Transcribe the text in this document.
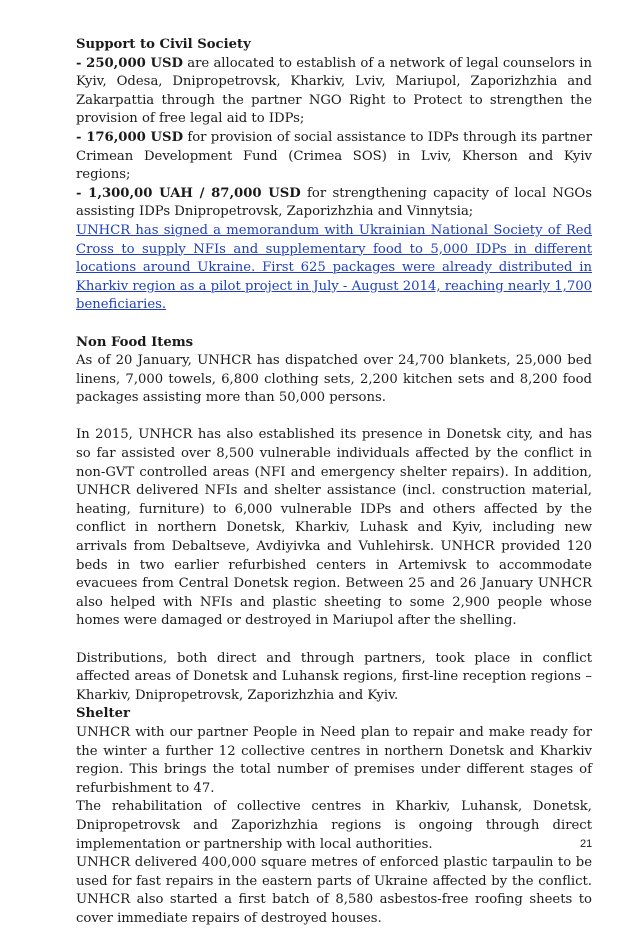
Support to Civil Society

- 250,000 USD are allocated to establish of a network of legal counselors in Kyiv, Odesa, Dnipropetrovsk, Kharkiv, Lviv, Mariupol, Zaporizhzhia and Zakarpattia through the partner NGO Right to Protect to strengthen the provision of free legal aid to IDPs;

- 176,000 USD for provision of social assistance to IDPs through its partner Crimean Development Fund (Crimea SOS) in Lviv, Kherson and Kyiv regions;

- 1,300,00 UAH / 87,000 USD for strengthening capacity of local NGOs assisting IDPs Dnipropetrovsk, Zaporizhzhia and Vinnytsia;

UNHCR has signed a memorandum with Ukrainian National Society of Red Cross to supply NFIs and supplementary food to 5,000 IDPs in different locations around Ukraine. First 625 packages were already distributed in Kharkiv region as a pilot project in July - August 2014, reaching nearly 1,700 beneficiaries.

Non Food Items

As of 20 January, UNHCR has dispatched over 24,700 blankets, 25,000 bed linens, 7,000 towels, 6,800 clothing sets, 2,200 kitchen sets and 8,200 food packages assisting more than 50,000 persons.

In 2015, UNHCR has also established its presence in Donetsk city, and has so far assisted over 8,500 vulnerable individuals affected by the conflict in non-GVT controlled areas (NFI and emergency shelter repairs). In addition, UNHCR delivered NFIs and shelter assistance (incl. construction material, heating, furniture) to 6,000 vulnerable IDPs and others affected by the conflict in northern Donetsk, Kharkiv, Luhask and Kyiv, including new arrivals from Debaltseve, Avdiyivka and Vuhlehirsk. UNHCR provided 120 beds in two earlier refurbished centers in Artemivsk to accommodate evacuees from Central Donetsk region. Between 25 and 26 January UNHCR also helped with NFIs and plastic sheeting to some 2,900 people whose homes were damaged or destroyed in Mariupol after the shelling.

Distributions, both direct and through partners, took place in conflict affected areas of Donetsk and Luhansk regions, first-line reception regions – Kharkiv, Dnipropetrovsk, Zaporizhzhia and Kyiv.

Shelter

UNHCR with our partner People in Need plan to repair and make ready for the winter a further 12 collective centres in northern Donetsk and Kharkiv region. This brings the total number of premises under different stages of refurbishment to 47.

The rehabilitation of collective centres in Kharkiv, Luhansk, Donetsk, Dnipropetrovsk and Zaporizhzhia regions is ongoing through direct implementation or partnership with local authorities.

UNHCR delivered 400,000 square metres of enforced plastic tarpaulin to be used for fast repairs in the eastern parts of Ukraine affected by the conflict. UNHCR also started a first batch of 8,580 asbestos-free roofing sheets to cover immediate repairs of destroyed houses.

21
